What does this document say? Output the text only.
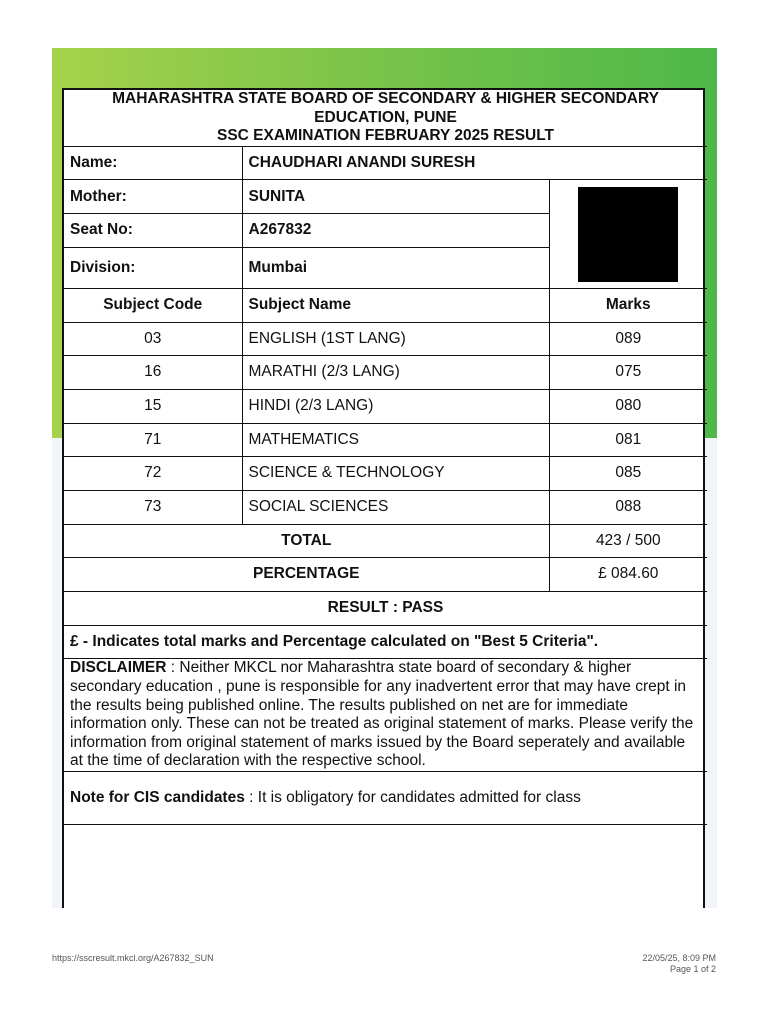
MAHARASHTRA STATE BOARD OF SECONDARY & HIGHER SECONDARY
EDUCATION, PUNE
SSC EXAMINATION FEBRUARY 2025 RESULT		

Name:	CHAUDHARI ANANDI SURESH	
Mother:	SUNITA	
Seat No:	A267832	
Division:	Mumbai	
Subject Code	Subject Name	Marks
03	ENGLISH (1ST LANG)	089
16	MARATHI (2/3 LANG)	075
15	HINDI (2/3 LANG)	080
71	MATHEMATICS	081
72	SCIENCE & TECHNOLOGY	085
73	SOCIAL SCIENCES	088
TOTAL		423 / 500
PERCENTAGE		£ 084.60
RESULT : PASS		
£ - Indicates total marks and Percentage calculated on "Best 5 Criteria".		
DISCLAIMER : Neither MKCL nor Maharashtra state board of secondary & higher secondary education , pune is responsible for any inadvertent error that may have crept in the results being published online. The results published on net are for immediate information only. These can not be treated as original statement of marks. Please verify the information from original statement of marks issued by the Board seperately and available at the time of declaration with the respective school.		
Note for CIS candidates : It is obligatory for candidates admitted for class		
https://sscresult.mkcl.org/A267832_SUN	22/05/25, 8:09 PM
Page 1 of 2
